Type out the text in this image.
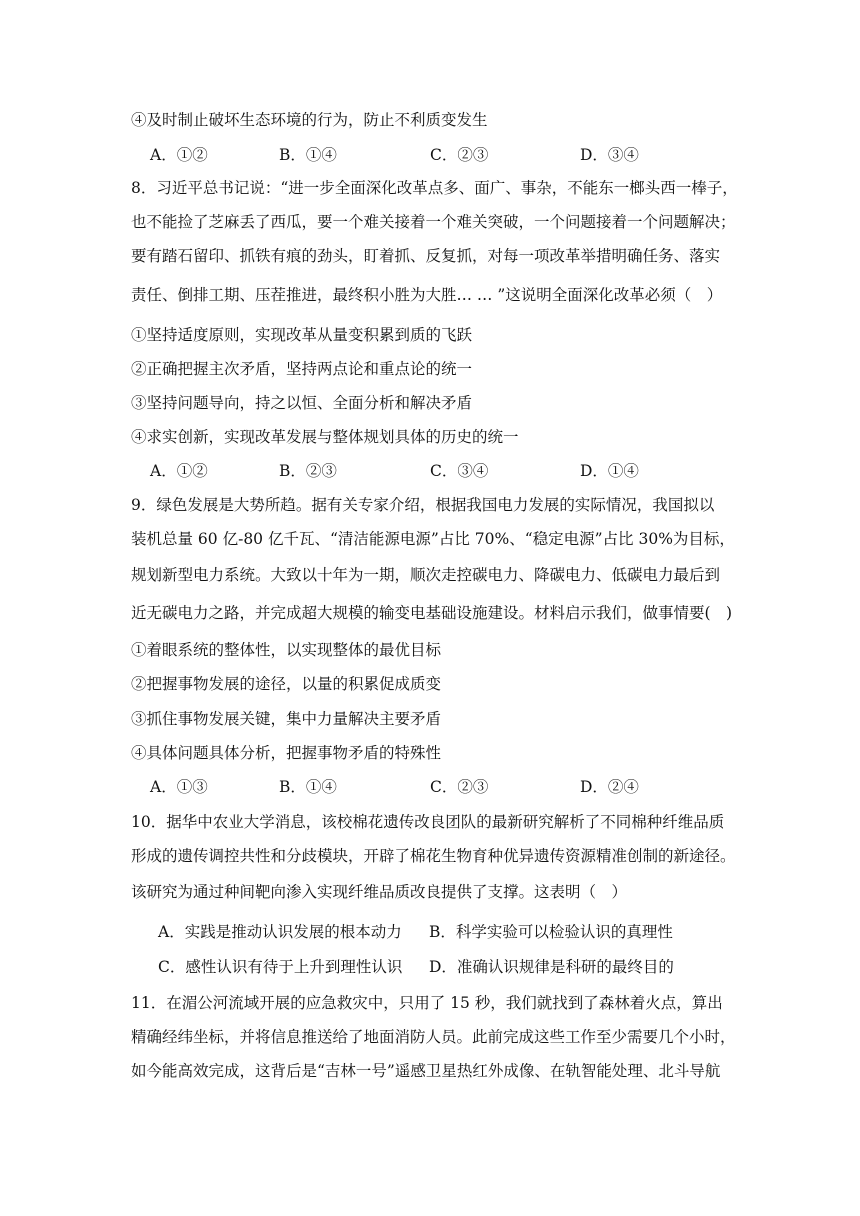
④及时制止破坏生态环境的行为，防止不利质变发生
A．①②	B．①④	C．②③	D．③④
8．习近平总书记说：“进一步全面深化改革点多、面广、事杂，不能东一榔头西一棒子，
也不能捡了芝麻丢了西瓜，要一个难关接着一个难关突破，一个问题接着一个问题解决；
要有踏石留印、抓铁有痕的劲头，盯着抓、反复抓，对每一项改革举措明确任务、落实
责任、倒排工期、压茬推进，最终积小胜为大胜… … ”这说明全面深化改革必须（　）
①坚持适度原则，实现改革从量变积累到质的飞跃
②正确把握主次矛盾，坚持两点论和重点论的统一
③坚持问题导向，持之以恒、全面分析和解决矛盾
④求实创新，实现改革发展与整体规划具体的历史的统一
A．①②	B．②③	C．③④	D．①④
9．绿色发展是大势所趋。据有关专家介绍，根据我国电力发展的实际情况，我国拟以
装机总量 60 亿-80 亿千瓦、“清洁能源电源”占比 70%、“稳定电源”占比 30%为目标，
规划新型电力系统。大致以十年为一期，顺次走控碳电力、降碳电力、低碳电力最后到
近无碳电力之路，并完成超大规模的输变电基础设施建设。材料启示我们，做事情要(　)
①着眼系统的整体性，以实现整体的最优目标
②把握事物发展的途径，以量的积累促成质变
③抓住事物发展关键，集中力量解决主要矛盾
④具体问题具体分析，把握事物矛盾的特殊性
A．①③	B．①④	C．②③	D．②④
10．据华中农业大学消息，该校棉花遗传改良团队的最新研究解析了不同棉种纤维品质
形成的遗传调控共性和分歧模块，开辟了棉花生物育种优异遗传资源精准创制的新途径。
该研究为通过种间靶向渗入实现纤维品质改良提供了支撑。这表明（　）
A．实践是推动认识发展的根本动力 B．科学实验可以检验认识的真理性
C．感性认识有待于上升到理性认识 D．准确认识规律是科研的最终目的
11．在湄公河流域开展的应急救灾中，只用了 15 秒，我们就找到了森林着火点，算出
精确经纬坐标，并将信息推送给了地面消防人员。此前完成这些工作至少需要几个小时，
如今能高效完成，这背后是“吉林一号”遥感卫星热红外成像、在轨智能处理、北斗导航
